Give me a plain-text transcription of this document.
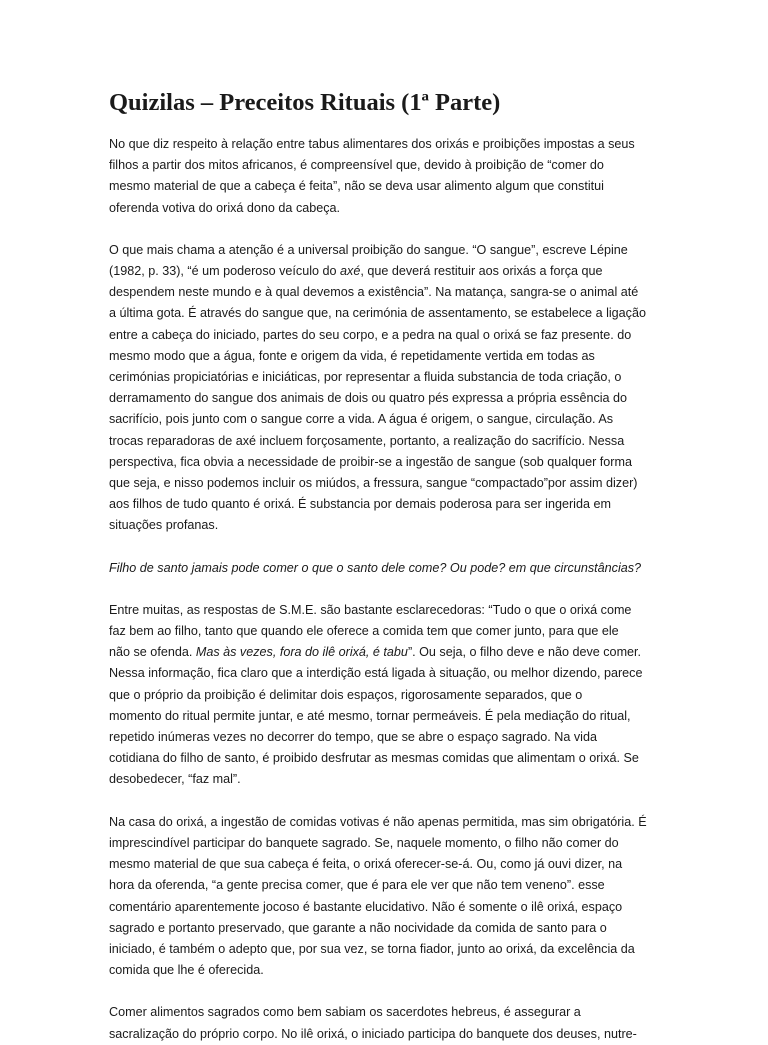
Quizilas – Preceitos Rituais (1ª Parte)
No que diz respeito à relação entre tabus alimentares dos orixás e proibições impostas a seus
filhos a partir dos mitos africanos, é compreensível que, devido à proibição de “comer do
mesmo material de que a cabeça é feita”, não se deva usar alimento algum que constitui
oferenda votiva do orixá dono da cabeça.
O que mais chama a atenção é a universal proibição do sangue. “O sangue”, escreve Lépine
(1982, p. 33), “é um poderoso veículo do axé, que deverá restituir aos orixás a força que
despendem neste mundo e à qual devemos a existência”. Na matança, sangra-se o animal até
a última gota. É através do sangue que, na cerimónia de assentamento, se estabelece a ligação
entre a cabeça do iniciado, partes do seu corpo, e a pedra na qual o orixá se faz presente. do
mesmo modo que a água, fonte e origem da vida, é repetidamente vertida em todas as
cerimónias propiciatórias e iniciáticas, por representar a fluida substancia de toda criação, o
derramamento do sangue dos animais de dois ou quatro pés expressa a própria essência do
sacrifício, pois junto com o sangue corre a vida. A água é origem, o sangue, circulação. As
trocas reparadoras de axé incluem forçosamente, portanto, a realização do sacrifício. Nessa
perspectiva, fica obvia a necessidade de proibir-se a ingestão de sangue (sob qualquer forma
que seja, e nisso podemos incluir os miúdos, a fressura, sangue “compactado”por assim dizer)
aos filhos de tudo quanto é orixá. É substancia por demais poderosa para ser ingerida em
situações profanas.
Filho de santo jamais pode comer o que o santo dele come? Ou pode? em que circunstâncias?
Entre muitas, as respostas de S.M.E. são bastante esclarecedoras: “Tudo o que o orixá come
faz bem ao filho, tanto que quando ele oferece a comida tem que comer junto, para que ele
não se ofenda. Mas às vezes, fora do ilê orixá, é tabu”. Ou seja, o filho deve e não deve comer.
Nessa informação, fica claro que a interdição está ligada à situação, ou melhor dizendo, parece
que o próprio da proibição é delimitar dois espaços, rigorosamente separados, que o
momento do ritual permite juntar, e até mesmo, tornar permeáveis. É pela mediação do ritual,
repetido inúmeras vezes no decorrer do tempo, que se abre o espaço sagrado. Na vida
cotidiana do filho de santo, é proibido desfrutar as mesmas comidas que alimentam o orixá. Se
desobedecer, “faz mal”.
Na casa do orixá, a ingestão de comidas votivas é não apenas permitida, mas sim obrigatória. É
imprescindível participar do banquete sagrado. Se, naquele momento, o filho não comer do
mesmo material de que sua cabeça é feita, o orixá oferecer-se-á. Ou, como já ouvi dizer, na
hora da oferenda, “a gente precisa comer, que é para ele ver que não tem veneno”. esse
comentário aparentemente jocoso é bastante elucidativo. Não é somente o ilê orixá, espaço
sagrado e portanto preservado, que garante a não nocividade da comida de santo para o
iniciado, é também o adepto que, por sua vez, se torna fiador, junto ao orixá, da excelência da
comida que lhe é oferecida.
Comer alimentos sagrados como bem sabiam os sacerdotes hebreus, é assegurar a
sacralização do próprio corpo. No ilê orixá, o iniciado participa do banquete dos deuses, nutre-
